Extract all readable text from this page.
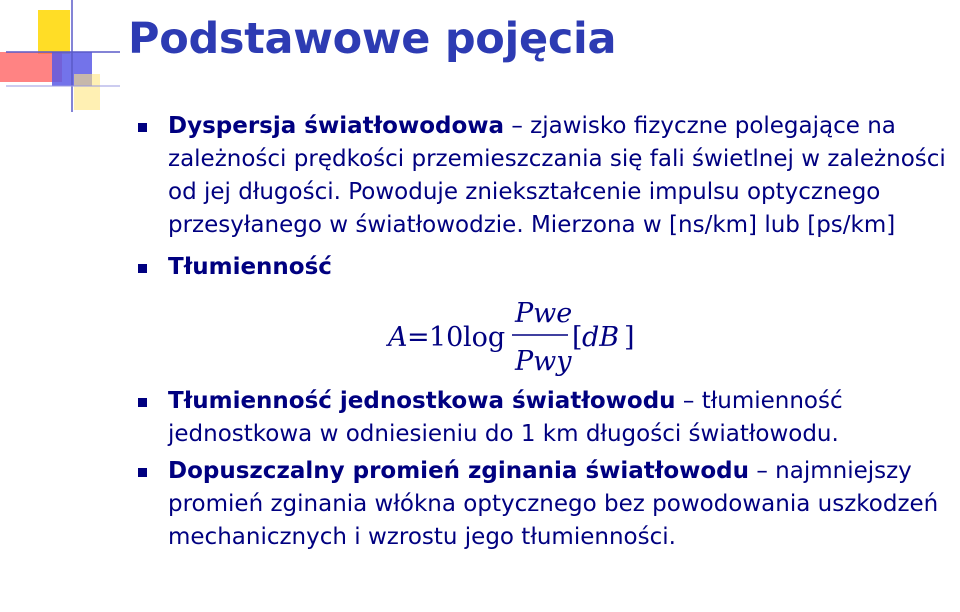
Podstawowe pojęcia
Dyspersja światłowodowa – zjawisko fizyczne polegające na zależności prędkości przemieszczania się fali świetlnej w zależności od jej długości. Powoduje zniekształcenie impulsu optycznego przesyłanego w światłowodzie. Mierzona w [ns/km] lub [ps/km]
Tłumienność
A = 10 log
Pwe
Pwy
[ dB ]
Tłumienność jednostkowa światłowodu – tłumienność jednostkowa w odniesieniu do 1 km długości światłowodu.
Dopuszczalny promień zginania światłowodu – najmniejszy promień zginania włókna optycznego bez powodowania uszkodzeń mechanicznych i wzrostu jego tłumienności.
